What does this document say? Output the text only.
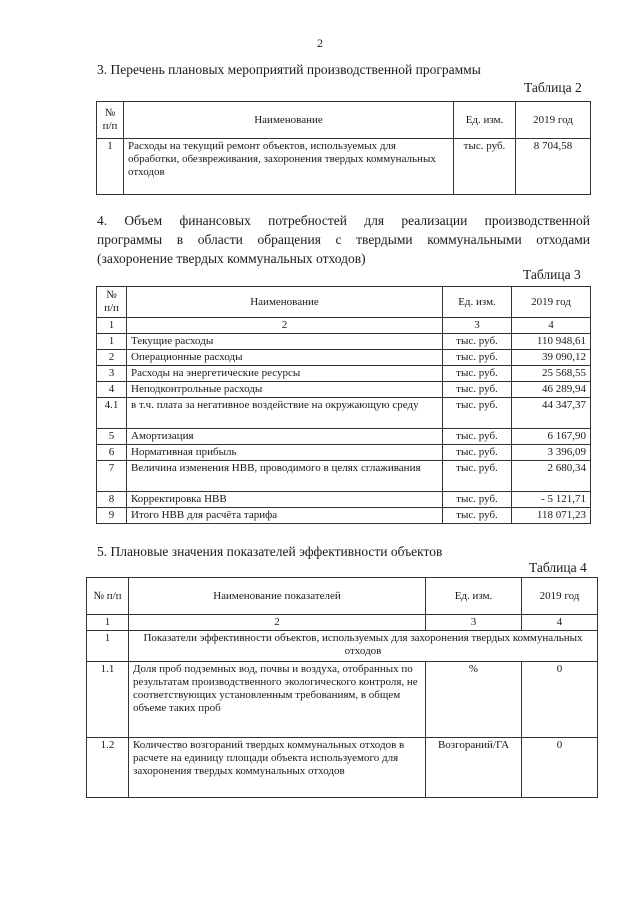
2
3. Перечень плановых мероприятий производственной программы
Таблица 2
№ п/п	Наименование	Ед. изм.	2019 год
1	Расходы на текущий ремонт объектов, используемых для обработки, обезвреживания, захоронения твердых коммунальных отходов	тыс. руб.	8 704,58
4. Объем финансовых потребностей для реализации производственной
программы в области обращения с твердыми коммунальными отходами
(захоронение твердых коммунальных отходов)
Таблица 3
№ п/п	Наименование	Ед. изм.	2019 год
1	2	3	4
1	Текущие расходы	тыс. руб.	110 948,61
2	Операционные расходы	тыс. руб.	39 090,12
3	Расходы на энергетические ресурсы	тыс. руб.	25 568,55
4	Неподконтрольные расходы	тыс. руб.	46 289,94
4.1	в т.ч. плата за негативное воздействие на окружающую среду	тыс. руб.	44 347,37
5	Амортизация	тыс. руб.	6 167,90
6	Нормативная прибыль	тыс. руб.	3 396,09
7	Величина изменения НВВ, проводимого в целях сглаживания	тыс. руб.	2 680,34
8	Корректировка НВВ	тыс. руб.	- 5 121,71
9	Итого НВВ для расчёта тарифа	тыс. руб.	118 071,23
5. Плановые значения показателей эффективности объектов
Таблица 4
№ п/п	Наименование показателей	Ед. изм.	2019 год
1	2	3	4
1	Показатели эффективности объектов, используемых для захоронения твердых коммунальных отходов		
1.1	Доля проб подземных вод, почвы и воздуха, отобранных по результатам производственного экологического контроля, не соответствующих установленным требованиям, в общем объеме таких проб	%	0
1.2	Количество возгораний твердых коммунальных отходов в расчете на единицу площади объекта используемого для захоронения твердых коммунальных отходов	Возгораний/ГА	0
